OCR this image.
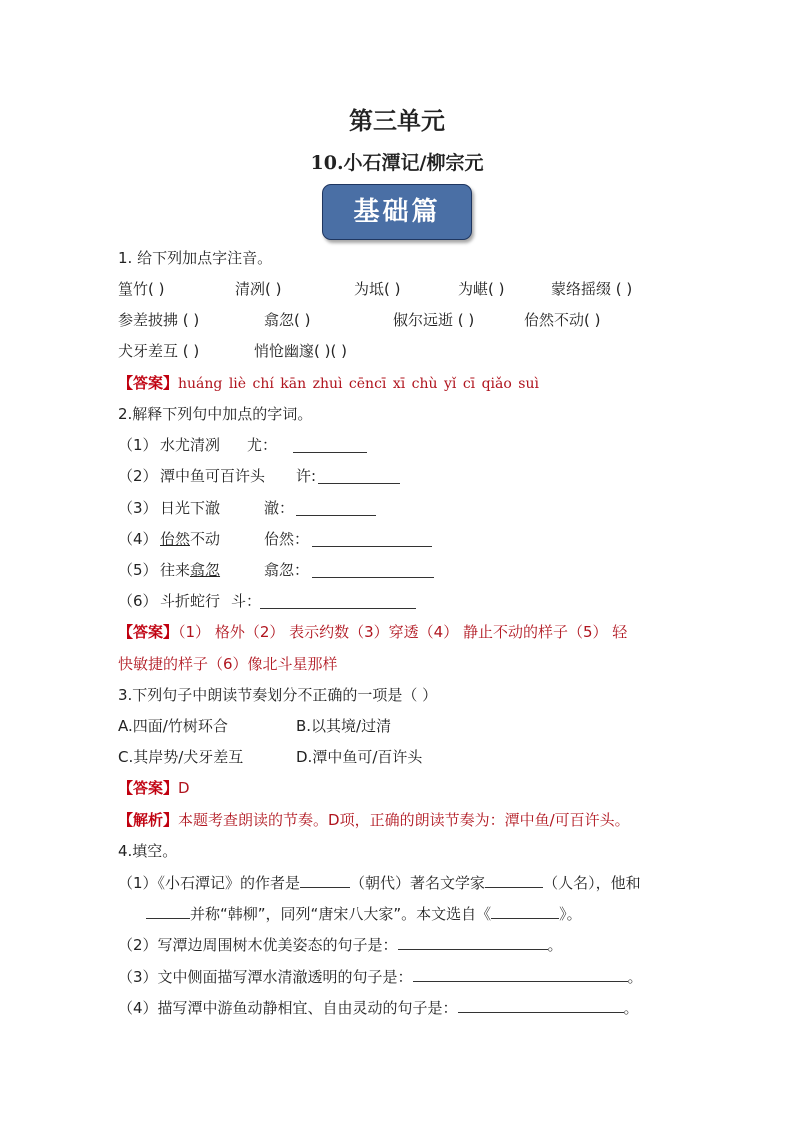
第三单元
10.小石潭记/柳宗元
基础篇
1. 给下列加点字注音。
篁竹( )	清冽( )	为坻( )	为嵁( )	蒙络摇缀 ( )
参差披拂 ( )	翕忽( )	俶尔远逝 ( )	佁然不动( )
犬牙差互 ( )	悄怆幽邃( )( )
【答案】huáng liè chí kān zhuì cēncī xī chù yǐ cī qiǎo suì
2.解释下列句中加点的字词。
（1） 水尤清冽 尤：
（2） 潭中鱼可百许头 许:
（3） 日光下澈	澈：
（4） 佁然不动	佁然：
（5） 往来翕忽	翕忽：
（6） 斗折蛇行 斗：
【答案】（1） 格外（2） 表示约数（3）穿透（4） 静止不动的样子（5） 轻
快敏捷的样子（6）像北斗星那样
3.下列句子中朗读节奏划分不正确的一项是（ ）
A.四面/竹树环合	B.以其境/过清
C.其岸势/犬牙差互	D.潭中鱼可/百许头
【答案】D
【解析】本题考查朗读的节奏。D项，正确的朗读节奏为：潭中鱼/可百许头。
4.填空。
（1）《小石潭记》的作者是	（朝代）著名文学家	（人名），他和
并称“韩柳”，同列“唐宋八大家”。本文选自《	》。
（2）写潭边周围树木优美姿态的句子是：	。
（3）文中侧面描写潭水清澈透明的句子是：	。
（4）描写潭中游鱼动静相宜、自由灵动的句子是：	。
